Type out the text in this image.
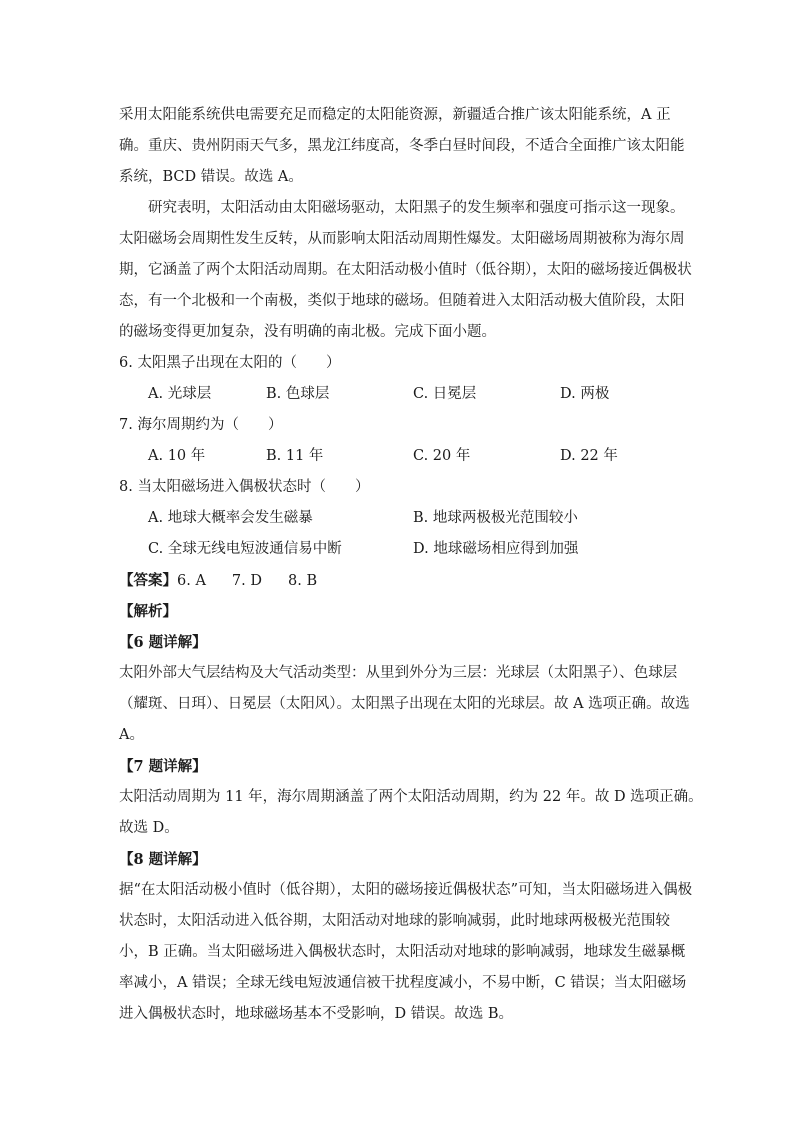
采用太阳能系统供电需要充足而稳定的太阳能资源，新疆适合推广该太阳能系统，A 正
确。重庆、贵州阴雨天气多，黑龙江纬度高，冬季白昼时间段，不适合全面推广该太阳能
系统，BCD 错误。故选 A。
研究表明，太阳活动由太阳磁场驱动，太阳黑子的发生频率和强度可指示这一现象。
太阳磁场会周期性发生反转，从而影响太阳活动周期性爆发。太阳磁场周期被称为海尔周
期，它涵盖了两个太阳活动周期。在太阳活动极小值时（低谷期），太阳的磁场接近偶极状
态，有一个北极和一个南极，类似于地球的磁场。但随着进入太阳活动极大值阶段，太阳
的磁场变得更加复杂，没有明确的南北极。完成下面小题。
6. 太阳黑子出现在太阳的（　　）
A. 光球层	B. 色球层	C. 日冕层	D. 两极
7. 海尔周期约为（　　）
A. 10 年	B. 11 年	C. 20 年	D. 22 年
8. 当太阳磁场进入偶极状态时（　　）
A. 地球大概率会发生磁暴	B. 地球两极极光范围较小
C. 全球无线电短波通信易中断	D. 地球磁场相应得到加强
【答案】6. A 7. D 8. B
【解析】
【6 题详解】
太阳外部大气层结构及大气活动类型：从里到外分为三层：光球层（太阳黑子）、色球层
（耀斑、日珥）、日冕层（太阳风）。太阳黑子出现在太阳的光球层。故 A 选项正确。故选
A。
【7 题详解】
太阳活动周期为 11 年，海尔周期涵盖了两个太阳活动周期，约为 22 年。故 D 选项正确。
故选 D。
【8 题详解】
据“在太阳活动极小值时（低谷期），太阳的磁场接近偶极状态”可知，当太阳磁场进入偶极
状态时，太阳活动进入低谷期，太阳活动对地球的影响减弱，此时地球两极极光范围较
小，B 正确。当太阳磁场进入偶极状态时，太阳活动对地球的影响减弱，地球发生磁暴概
率减小，A 错误；全球无线电短波通信被干扰程度减小，不易中断，C 错误；当太阳磁场
进入偶极状态时，地球磁场基本不受影响，D 错误。故选 B。
